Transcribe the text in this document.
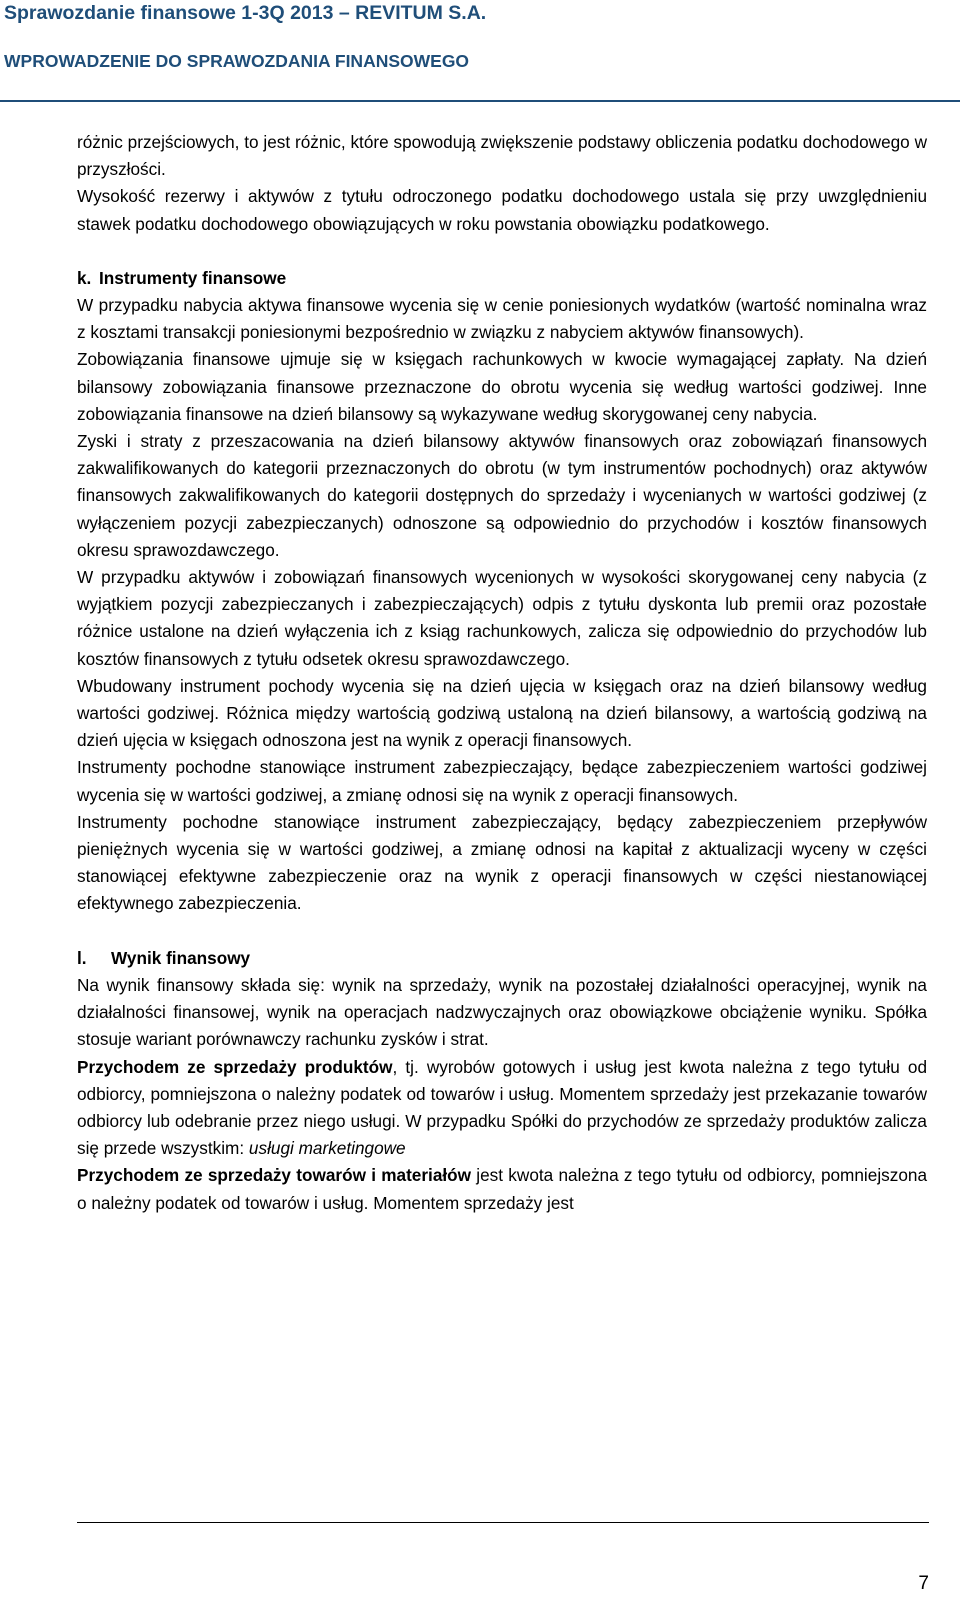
Sprawozdanie finansowe 1-3Q 2013 – REVITUM S.A.
WPROWADZENIE DO SPRAWOZDANIA FINANSOWEGO

różnic przejściowych, to jest różnic, które spowodują zwiększenie podstawy obliczenia podatku dochodowego w przyszłości.

Wysokość rezerwy i aktywów z tytułu odroczonego podatku dochodowego ustala się przy uwzględnieniu stawek podatku dochodowego obowiązujących w roku powstania obowiązku podatkowego.

k. Instrumenty finansowe

W przypadku nabycia aktywa finansowe wycenia się w cenie poniesionych wydatków (wartość nominalna wraz z kosztami transakcji poniesionymi bezpośrednio w związku z nabyciem aktywów finansowych).

Zobowiązania finansowe ujmuje się w księgach rachunkowych w kwocie wymagającej zapłaty. Na dzień bilansowy zobowiązania finansowe przeznaczone do obrotu wycenia się według wartości godziwej. Inne zobowiązania finansowe na dzień bilansowy są wykazywane według skorygowanej ceny nabycia.

Zyski i straty z przeszacowania na dzień bilansowy aktywów finansowych oraz zobowiązań finansowych zakwalifikowanych do kategorii przeznaczonych do obrotu (w tym instrumentów pochodnych) oraz aktywów finansowych zakwalifikowanych do kategorii dostępnych do sprzedaży i wycenianych w wartości godziwej (z wyłączeniem pozycji zabezpieczanych) odnoszone są odpowiednio do przychodów i kosztów finansowych okresu sprawozdawczego.

W przypadku aktywów i zobowiązań finansowych wycenionych w wysokości skorygowanej ceny nabycia (z wyjątkiem pozycji zabezpieczanych i zabezpieczających) odpis z tytułu dyskonta lub premii oraz pozostałe różnice ustalone na dzień wyłączenia ich z ksiąg rachunkowych, zalicza się odpowiednio do przychodów lub kosztów finansowych z tytułu odsetek okresu sprawozdawczego.

Wbudowany instrument pochody wycenia się na dzień ujęcia w księgach oraz na dzień bilansowy według wartości godziwej. Różnica między wartością godziwą ustaloną na dzień bilansowy, a wartością godziwą na dzień ujęcia w księgach odnoszona jest na wynik z operacji finansowych.

Instrumenty pochodne stanowiące instrument zabezpieczający, będące zabezpieczeniem wartości godziwej wycenia się w wartości godziwej, a zmianę odnosi się na wynik z operacji finansowych.

Instrumenty pochodne stanowiące instrument zabezpieczający, będący zabezpieczeniem przepływów pieniężnych wycenia się w wartości godziwej, a zmianę odnosi na kapitał z aktualizacji wyceny w części stanowiącej efektywne zabezpieczenie oraz na wynik z operacji finansowych w części niestanowiącej efektywnego zabezpieczenia.

l. Wynik finansowy

Na wynik finansowy składa się: wynik na sprzedaży, wynik na pozostałej działalności operacyjnej, wynik na działalności finansowej, wynik na operacjach nadzwyczajnych oraz obowiązkowe obciążenie wyniku. Spółka stosuje wariant porównawczy rachunku zysków i strat.

Przychodem ze sprzedaży produktów, tj. wyrobów gotowych i usług jest kwota należna z tego tytułu od odbiorcy, pomniejszona o należny podatek od towarów i usług. Momentem sprzedaży jest przekazanie towarów odbiorcy lub odebranie przez niego usługi. W przypadku Spółki do przychodów ze sprzedaży produktów zalicza się przede wszystkim: usługi marketingowe

Przychodem ze sprzedaży towarów i materiałów jest kwota należna z tego tytułu od odbiorcy, pomniejszona o należny podatek od towarów i usług. Momentem sprzedaży jest

7
